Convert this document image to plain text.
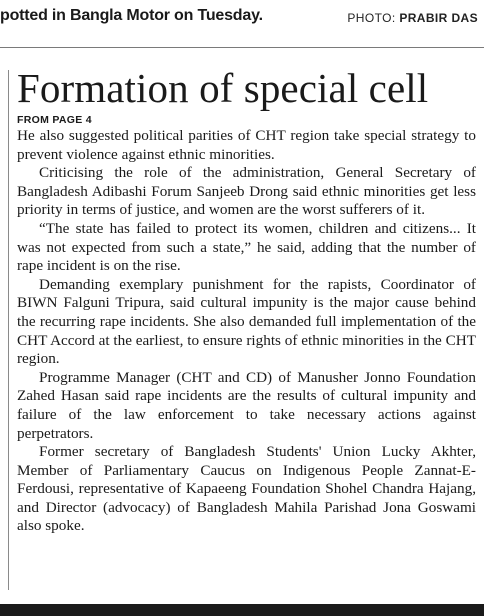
potted in Bangla Motor on Tuesday.	PHOTO: PRABIR DAS
Formation of special cell
FROM PAGE 4

He also suggested political parities of CHT region take special strategy to prevent violence against ethnic minorities.

Criticising the role of the administration, General Secretary of Bangladesh Adibashi Forum Sanjeeb Drong said ethnic minorities get less priority in terms of justice, and women are the worst sufferers of it.

“The state has failed to protect its women, children and citizens... It was not expected from such a state,” he said, adding that the number of rape incident is on the rise.

Demanding exemplary punishment for the rapists, Coordinator of BIWN Falguni Tripura, said cultural impunity is the major cause behind the recurring rape incidents. She also demanded full implementation of the CHT Accord at the earliest, to ensure rights of ethnic minorities in the CHT region.

Programme Manager (CHT and CD) of Manusher Jonno Foundation Zahed Hasan said rape incidents are the results of cultural impunity and failure of the law enforcement to take necessary actions against perpetrators.

Former secretary of Bangladesh Students' Union Lucky Akhter, Member of Parliamentary Caucus on Indigenous People Zannat-E-Ferdousi, representative of Kapaeeng Foundation Shohel Chandra Hajang, and Director (advocacy) of Bangladesh Mahila Parishad Jona Goswami also spoke.
